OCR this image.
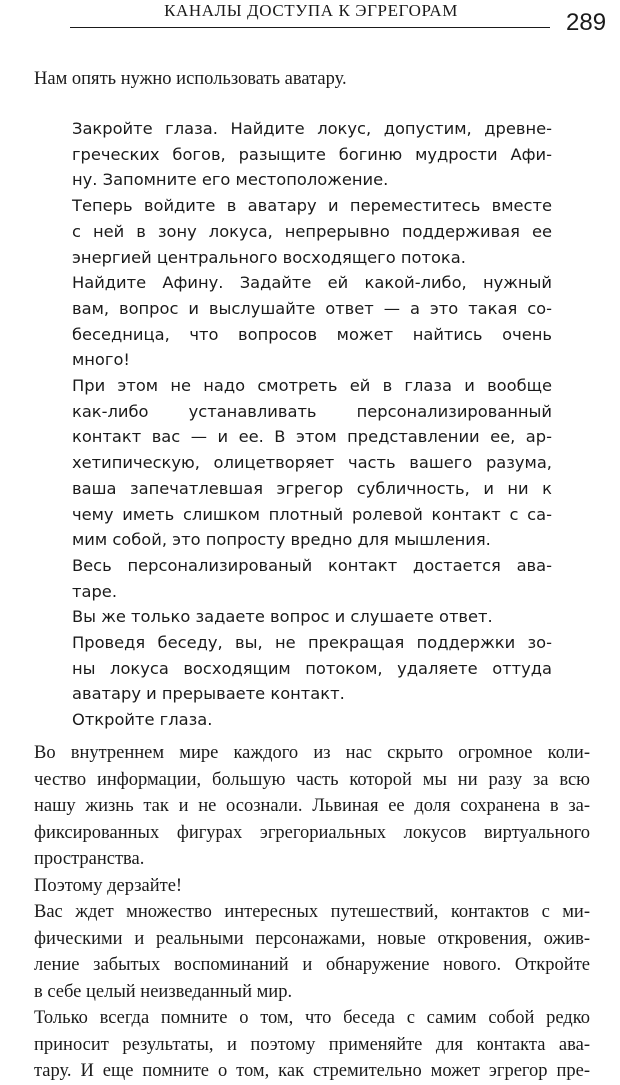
КАНАЛЫ ДОСТУПА К ЭГРЕГОРАМ	289
Нам опять нужно использовать аватару.
Закройте глаза. Найдите локус, допустим, древне-
греческих богов, разыщите богиню мудрости Афи-
ну. Запомните его местоположение.
Теперь войдите в аватару и переместитесь вместе
с ней в зону локуса, непрерывно поддерживая ее
энергией центрального восходящего потока.
Найдите Афину. Задайте ей какой-либо, нужный
вам, вопрос и выслушайте ответ — а это такая со-
беседница, что вопросов может найтись очень
много!
При этом не надо смотреть ей в глаза и вообще
как-либо устанавливать персонализированный
контакт вас — и ее. В этом представлении ее, ар-
хетипическую, олицетворяет часть вашего разума,
ваша запечатлевшая эгрегор субличность, и ни к
чему иметь слишком плотный ролевой контакт с са-
мим собой, это попросту вредно для мышления.
Весь персонализированый контакт достается ава-
таре.
Вы же только задаете вопрос и слушаете ответ.
Проведя беседу, вы, не прекращая поддержки зо-
ны локуса восходящим потоком, удаляете оттуда
аватару и прерываете контакт.
Откройте глаза.
Во внутреннем мире каждого из нас скрыто огромное коли-
чество информации, большую часть которой мы ни разу за всю
нашу жизнь так и не осознали. Львиная ее доля сохранена в за-
фиксированных фигурах эгрегориальных локусов виртуального
пространства.
Поэтому дерзайте!
Вас ждет множество интересных путешествий, контактов с ми-
фическими и реальными персонажами, новые откровения, ожив-
ление забытых воспоминаний и обнаружение нового. Откройте
в себе целый неизведанный мир.
Только всегда помните о том, что беседа с самим собой редко
приносит результаты, и поэтому применяйте для контакта ава-
тару. И еще помните о том, как стремительно может эгрегор пре-
